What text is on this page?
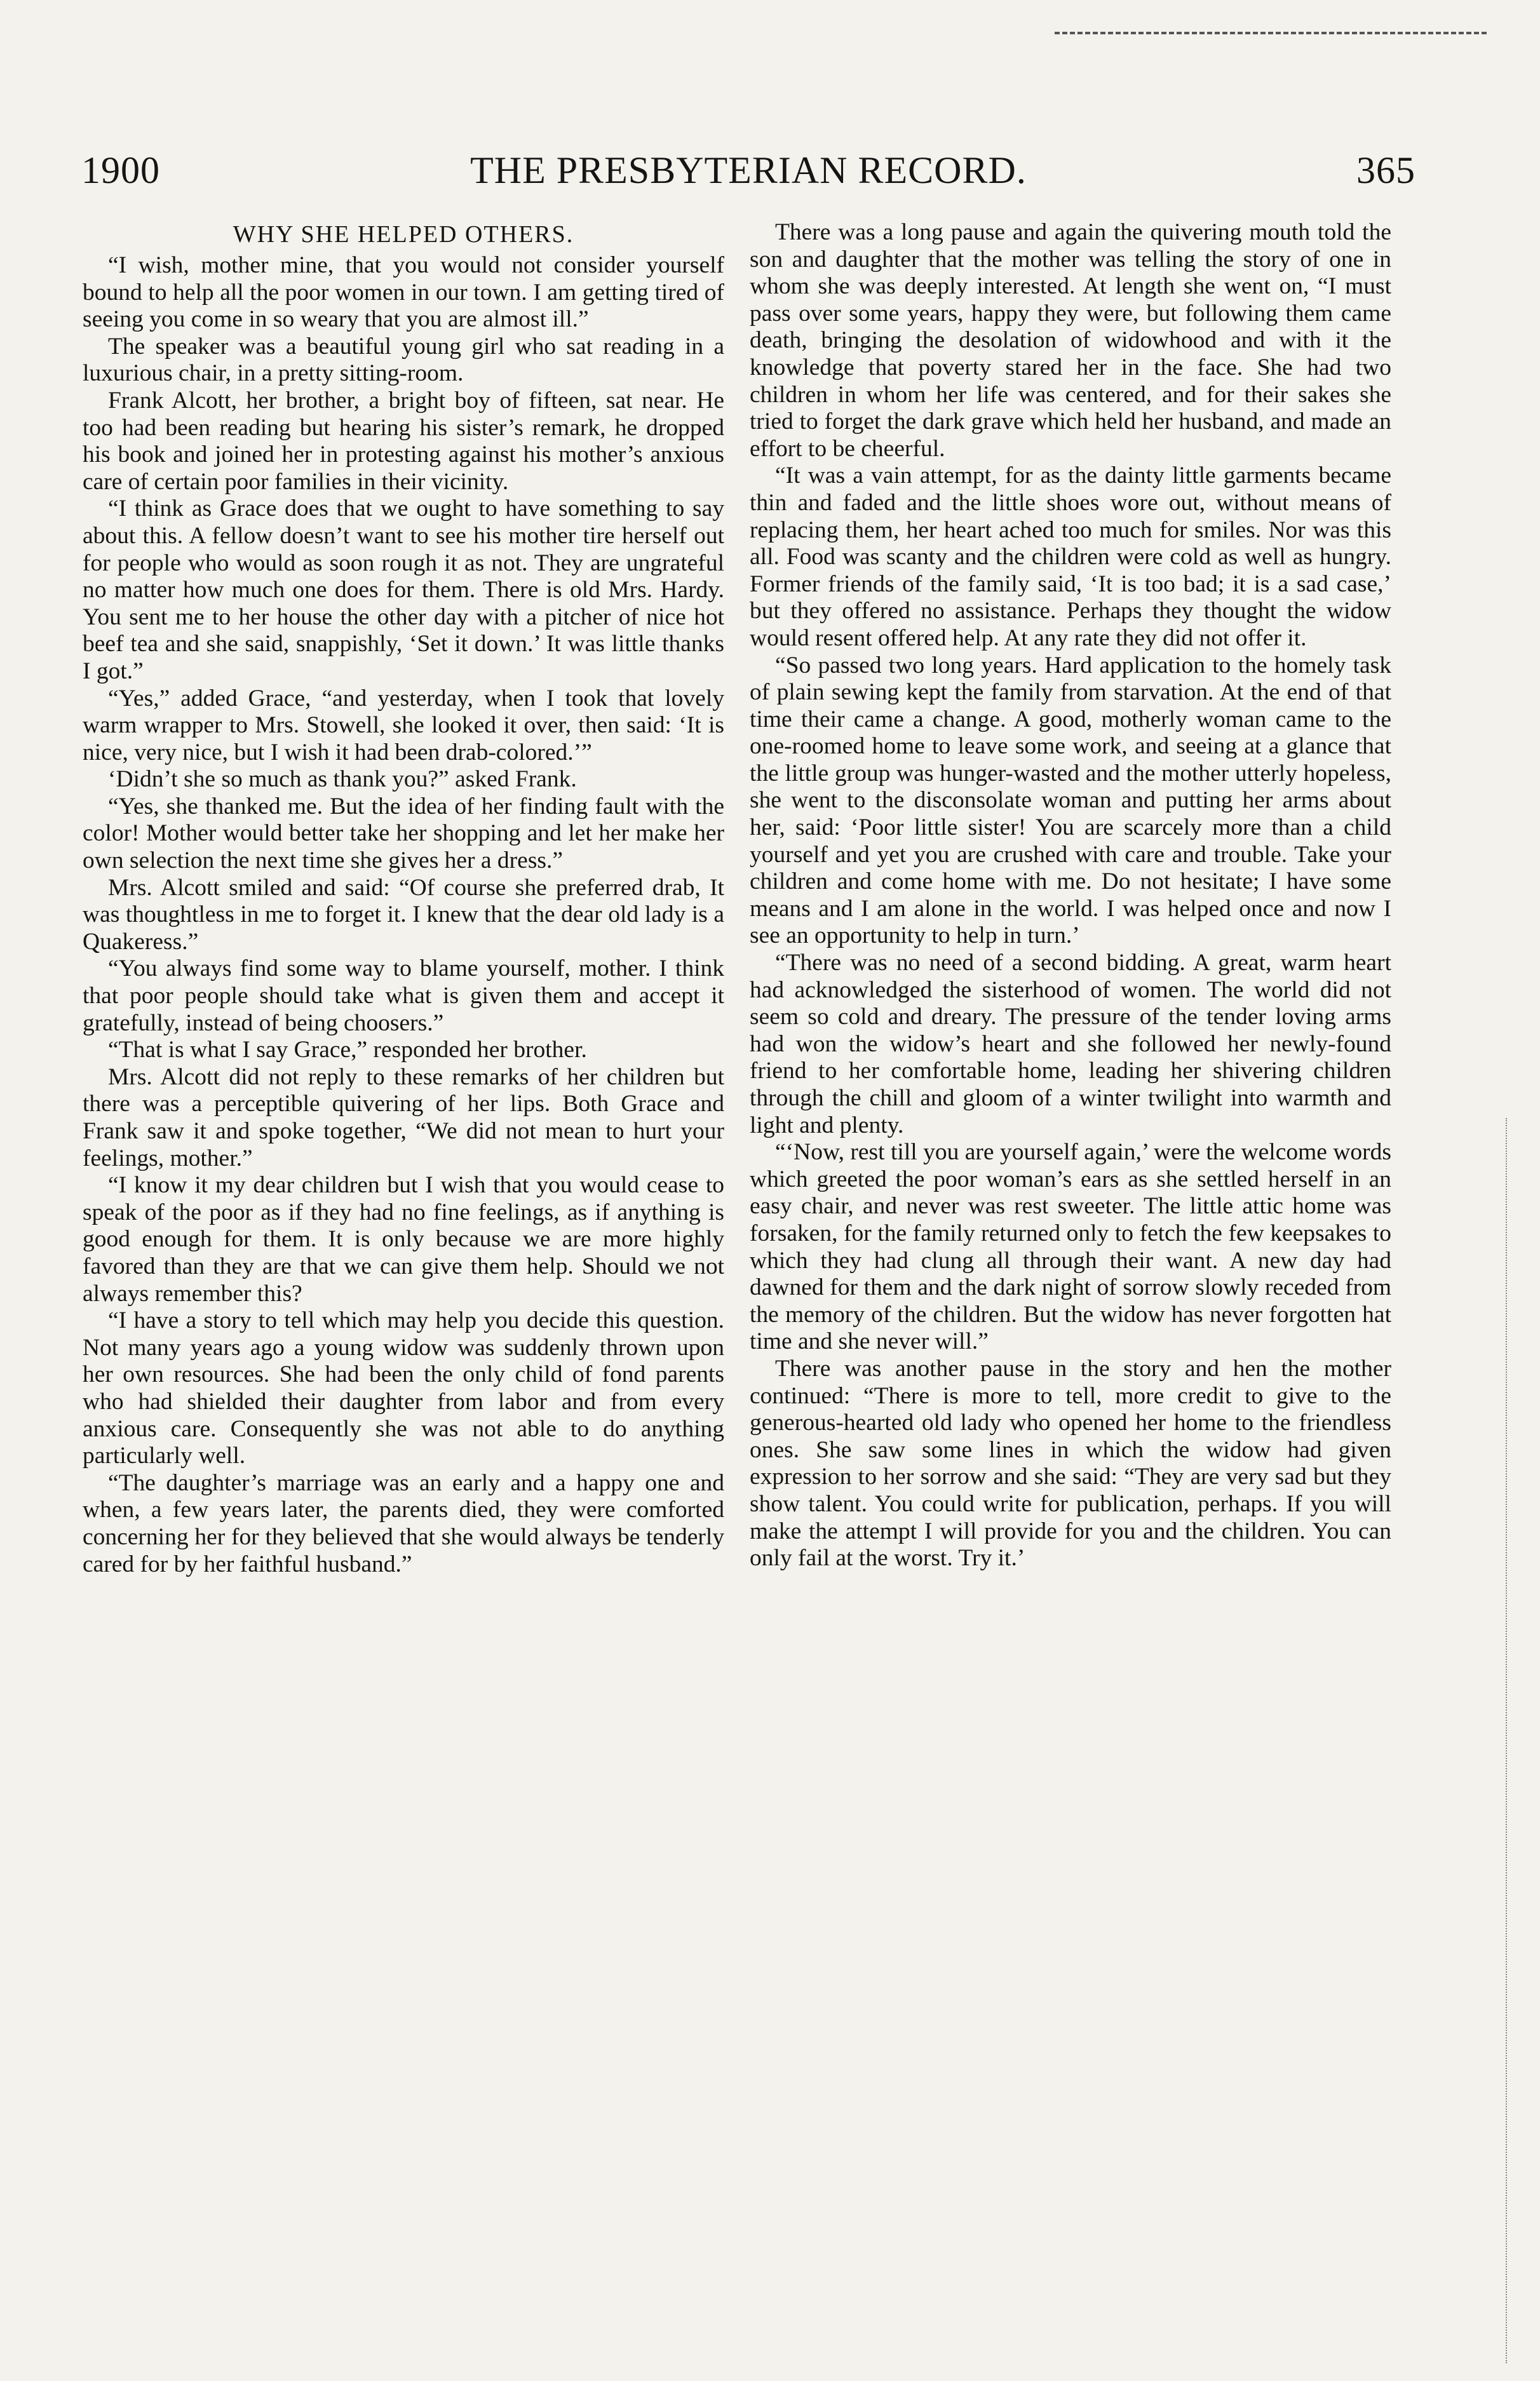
1900	THE PRESBYTERIAN RECORD.	365
WHY SHE HELPED OTHERS.

“I wish, mother mine, that you would not consider yourself bound to help all the poor women in our town. I am getting tired of seeing you come in so weary that you are almost ill.”

The speaker was a beautiful young girl who sat reading in a luxurious chair, in a pretty sitting-room.

Frank Alcott, her brother, a bright boy of fifteen, sat near. He too had been reading but hearing his sister’s remark, he dropped his book and joined her in protesting against his mother’s anxious care of certain poor families in their vicinity.

“I think as Grace does that we ought to have something to say about this. A fellow doesn’t want to see his mother tire herself out for people who would as soon rough it as not. They are ungrateful no matter how much one does for them. There is old Mrs. Hardy. You sent me to her house the other day with a pitcher of nice hot beef tea and she said, snappishly, ‘Set it down.’ It was little thanks I got.”

“Yes,” added Grace, “and yesterday, when I took that lovely warm wrapper to Mrs. Stowell, she looked it over, then said: ‘It is nice, very nice, but I wish it had been drab-colored.’”

‘Didn’t she so much as thank you?” asked Frank.

“Yes, she thanked me. But the idea of her finding fault with the color! Mother would better take her shopping and let her make her own selection the next time she gives her a dress.”

Mrs. Alcott smiled and said: “Of course she preferred drab, It was thoughtless in me to forget it. I knew that the dear old lady is a Quakeress.”

“You always find some way to blame yourself, mother. I think that poor people should take what is given them and accept it gratefully, instead of being choosers.”

“That is what I say Grace,” responded her brother.

Mrs. Alcott did not reply to these remarks of her children but there was a perceptible quivering of her lips. Both Grace and Frank saw it and spoke together, “We did not mean to hurt your feelings, mother.”

“I know it my dear children but I wish that you would cease to speak of the poor as if they had no fine feelings, as if anything is good enough for them. It is only because we are more highly favored than they are that we can give them help. Should we not always remember this?

“I have a story to tell which may help you decide this question. Not many years ago a young widow was suddenly thrown upon her own resources. She had been the only child of fond parents who had shielded their daughter from labor and from every anxious care. Consequently she was not able to do anything particularly well.

“The daughter’s marriage was an early and a happy one and when, a few years later, the parents died, they were comforted concerning her for they believed that she would always be tenderly cared for by her faithful husband.”

There was a long pause and again the quivering mouth told the son and daughter that the mother was telling the story of one in whom she was deeply interested. At length she went on, “I must pass over some years, happy they were, but following them came death, bringing the desolation of widowhood and with it the knowledge that poverty stared her in the face. She had two children in whom her life was centered, and for their sakes she tried to forget the dark grave which held her husband, and made an effort to be cheerful.

“It was a vain attempt, for as the dainty little garments became thin and faded and the little shoes wore out, without means of replacing them, her heart ached too much for smiles. Nor was this all. Food was scanty and the children were cold as well as hungry. Former friends of the family said, ‘It is too bad; it is a sad case,’ but they offered no assistance. Perhaps they thought the widow would resent offered help. At any rate they did not offer it.

“So passed two long years. Hard application to the homely task of plain sewing kept the family from starvation. At the end of that time their came a change. A good, motherly woman came to the one-roomed home to leave some work, and seeing at a glance that the little group was hunger-wasted and the mother utterly hopeless, she went to the disconsolate woman and putting her arms about her, said: ‘Poor little sister! You are scarcely more than a child yourself and yet you are crushed with care and trouble. Take your children and come home with me. Do not hesitate; I have some means and I am alone in the world. I was helped once and now I see an opportunity to help in turn.’

“There was no need of a second bidding. A great, warm heart had acknowledged the sisterhood of women. The world did not seem so cold and dreary. The pressure of the tender loving arms had won the widow’s heart and she followed her newly-found friend to her comfortable home, leading her shivering children through the chill and gloom of a winter twilight into warmth and light and plenty.

“‘Now, rest till you are yourself again,’ were the welcome words which greeted the poor woman’s ears as she settled herself in an easy chair, and never was rest sweeter. The little attic home was forsaken, for the family returned only to fetch the few keepsakes to which they had clung all through their want. A new day had dawned for them and the dark night of sorrow slowly receded from the memory of the children. But the widow has never forgotten hat time and she never will.”

There was another pause in the story and hen the mother continued: “There is more to tell, more credit to give to the generous-hearted old lady who opened her home to the friendless ones. She saw some lines in which the widow had given expression to her sorrow and she said: “They are very sad but they show talent. You could write for publication, perhaps. If you will make the attempt I will provide for you and the children. You can only fail at the worst. Try it.’
